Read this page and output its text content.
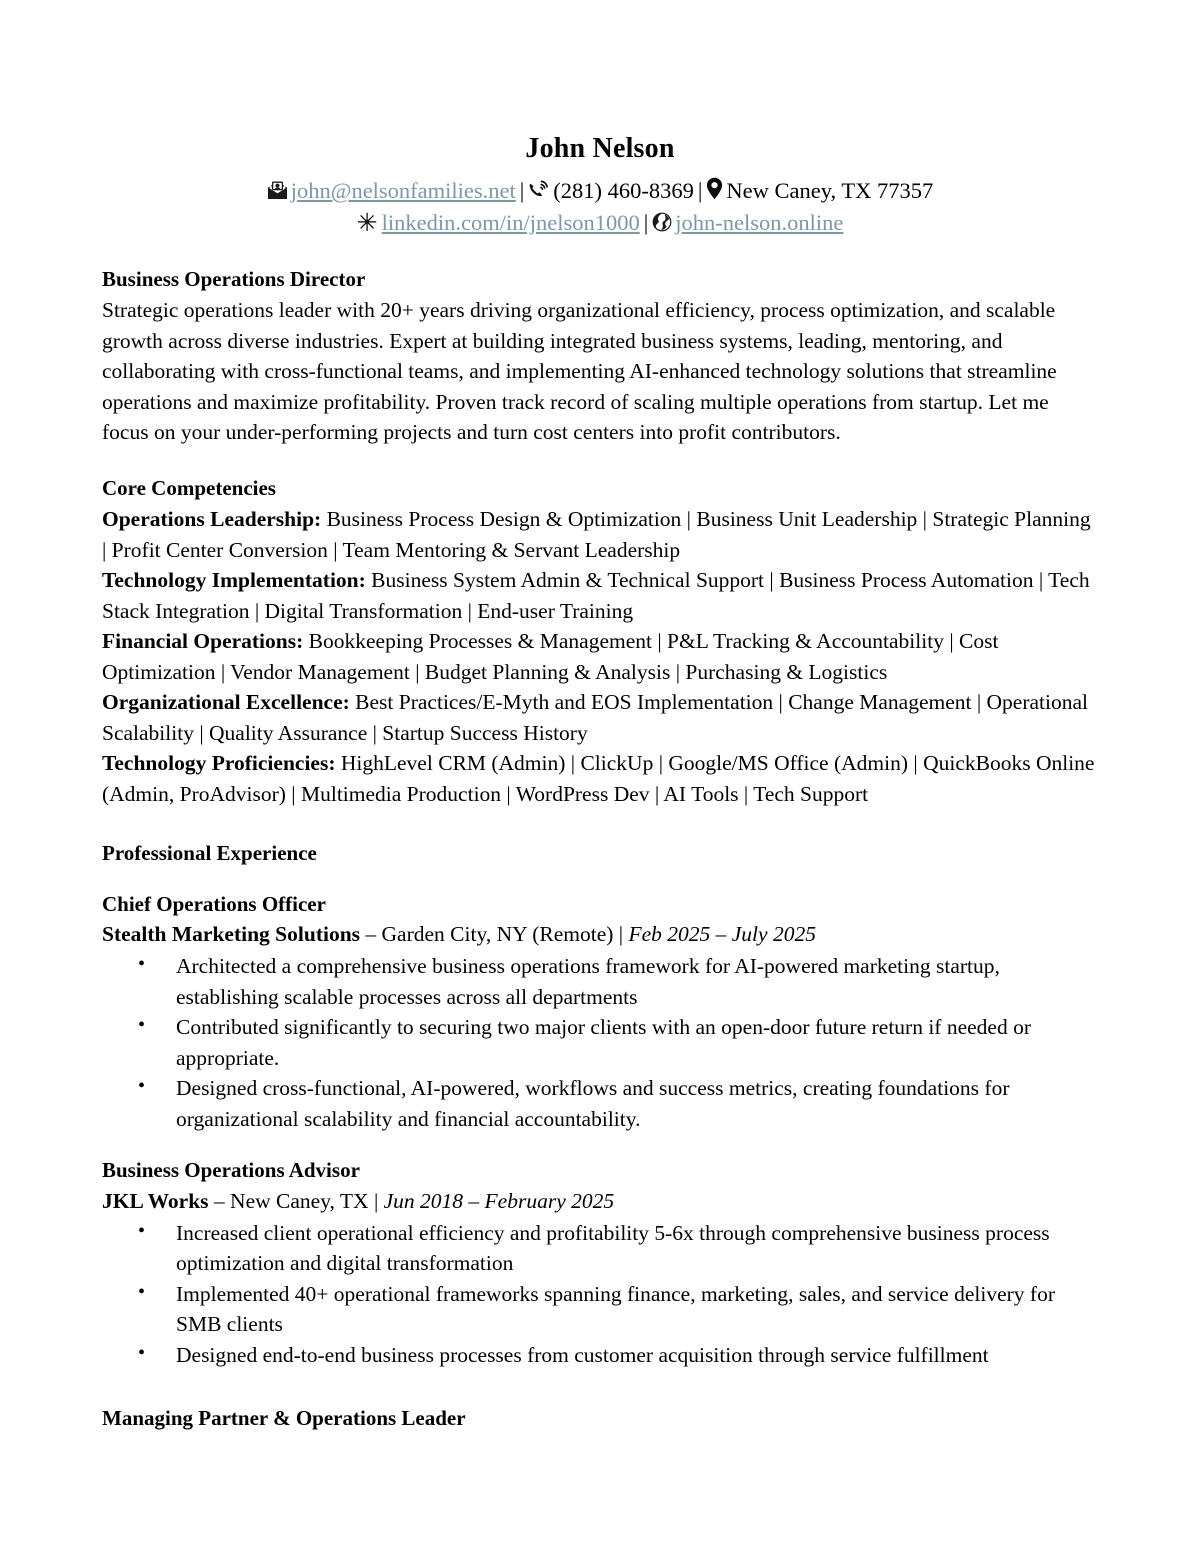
John Nelson
john@nelsonfamilies.net | (281) 460-8369 | New Caney, TX 77357
✳ linkedin.com/in/jnelson1000 | john-nelson.online
Business Operations Director

Strategic operations leader with 20+ years driving organizational efficiency, process optimization, and scalable growth across diverse industries. Expert at building integrated business systems, leading, mentoring, and collaborating with cross-functional teams, and implementing AI-enhanced technology solutions that streamline operations and maximize profitability. Proven track record of scaling multiple operations from startup. Let me focus on your under-performing projects and turn cost centers into profit contributors.

Core Competencies

Operations Leadership: Business Process Design & Optimization | Business Unit Leadership | Strategic Planning | Profit Center Conversion | Team Mentoring & Servant Leadership

Technology Implementation: Business System Admin & Technical Support | Business Process Automation | Tech Stack Integration | Digital Transformation | End-user Training

Financial Operations: Bookkeeping Processes & Management | P&L Tracking & Accountability | Cost Optimization | Vendor Management | Budget Planning & Analysis | Purchasing & Logistics

Organizational Excellence: Best Practices/E-Myth and EOS Implementation | Change Management | Operational Scalability | Quality Assurance | Startup Success History

Technology Proficiencies: HighLevel CRM (Admin) | ClickUp | Google/MS Office (Admin) | QuickBooks Online (Admin, ProAdvisor) | Multimedia Production | WordPress Dev | AI Tools | Tech Support

Professional Experience

Chief Operations Officer

Stealth Marketing Solutions – Garden City, NY (Remote) | Feb 2025 – July 2025

• Architected a comprehensive business operations framework for AI-powered marketing startup, establishing scalable processes across all departments
• Contributed significantly to securing two major clients with an open-door future return if needed or appropriate.
• Designed cross-functional, AI-powered, workflows and success metrics, creating foundations for organizational scalability and financial accountability.

Business Operations Advisor

JKL Works – New Caney, TX | Jun 2018 – February 2025

• Increased client operational efficiency and profitability 5-6x through comprehensive business process optimization and digital transformation
• Implemented 40+ operational frameworks spanning finance, marketing, sales, and service delivery for SMB clients
• Designed end-to-end business processes from customer acquisition through service fulfillment

Managing Partner & Operations Leader
